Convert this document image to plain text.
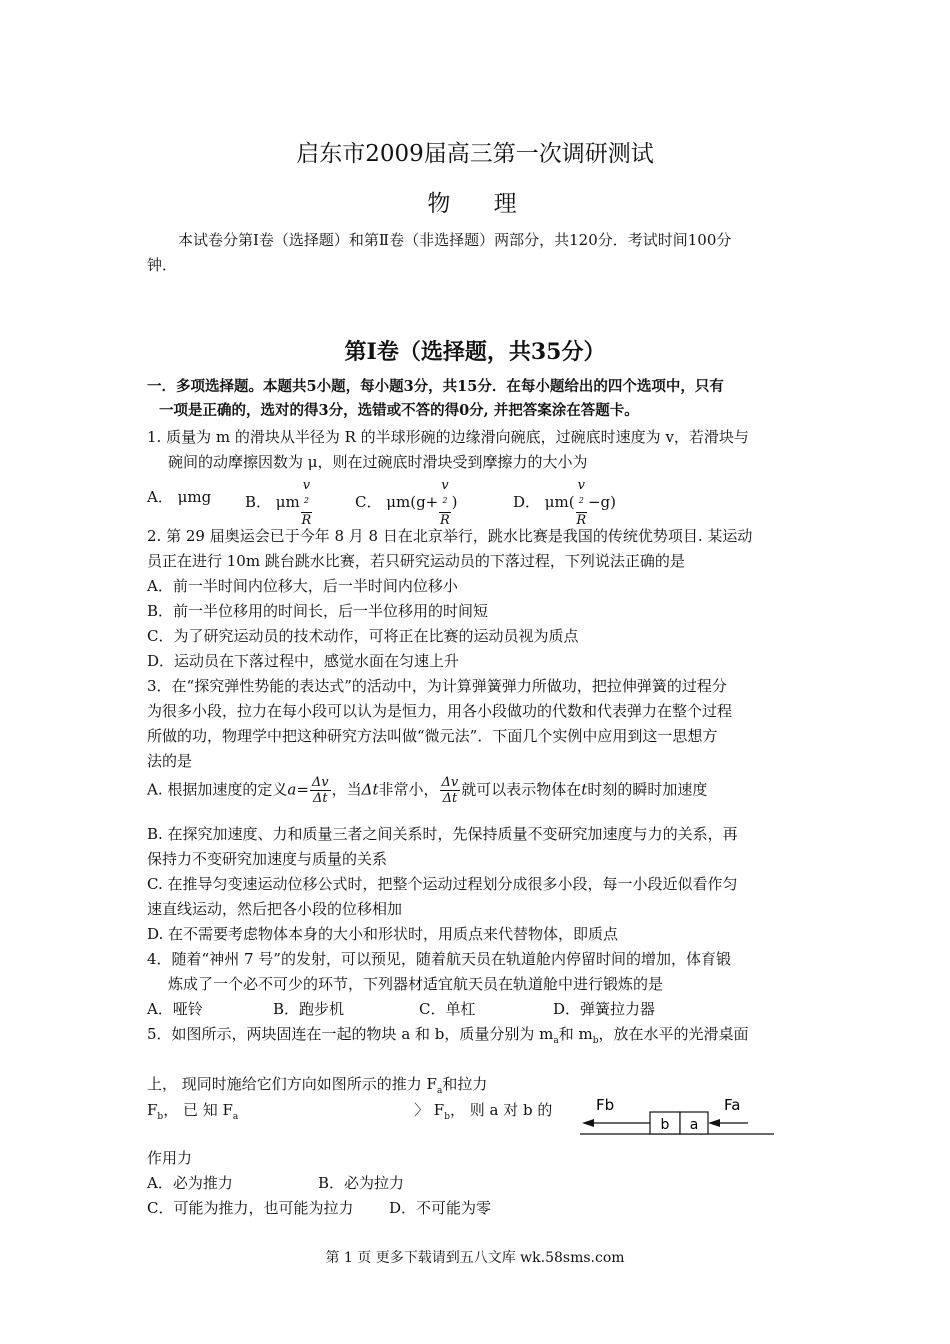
启东市2009届高三第一次调研测试
物 理
本试卷分第Ⅰ卷（选择题）和第Ⅱ卷（非选择题）两部分，共120分．考试时间100分
钟．
第Ⅰ卷（选择题，共35分）
一．多项选择题。本题共5小题，每小题3分，共15分．在每小题给出的四个选项中，只有
一项是正确的，选对的得3分，选错或不答的得0分, 并把答案涂在答题卡。
1. 质量为 m 的滑块从半径为 R 的半球形碗的边缘滑向碗底，过碗底时速度为 v，若滑块与
碗间的动摩擦因数为 μ，则在过碗底时滑块受到摩擦力的大小为
A． μmg B． μm v
$^2$
R	C． μm(g+ v
$^2$
R )	D． μm( v
$^2$
R −g)
2. 第 29 届奥运会已于今年 8 月 8 日在北京举行，跳水比赛是我国的传统优势项目. 某运动
员正在进行 10m 跳台跳水比赛，若只研究运动员的下落过程，下列说法正确的是
A．前一半时间内位移大，后一半时间内位移小
B．前一半位移用的时间长，后一半位移用的时间短
C．为了研究运动员的技术动作，可将正在比赛的运动员视为质点
D．运动员在下落过程中，感觉水面在匀速上升
3．在“探究弹性势能的表达式”的活动中，为计算弹簧弹力所做功，把拉伸弹簧的过程分
为很多小段，拉力在每小段可以认为是恒力，用各小段做功的代数和代表弹力在整个过程
所做的功，物理学中把这种研究方法叫做“微元法”．下面几个实例中应用到这一思想方
法的是
A. 根据加速度的定义$a= \frac{\Delta v}{\Delta t}$ ，当Δt非常小， $\frac{\Delta v}{\Delta t}$ 就可以表示物体在t时刻的瞬时加速度
B. 在探究加速度、力和质量三者之间关系时，先保持质量不变研究加速度与力的关系，再
保持力不变研究加速度与质量的关系
C. 在推导匀变速运动位移公式时，把整个运动过程划分成很多小段，每一小段近似看作匀
速直线运动，然后把各小段的位移相加
D. 在不需要考虑物体本身的大小和形状时，用质点来代替物体，即质点
4．随着“神州 7 号”的发射，可以预见，随着航天员在轨道舱内停留时间的增加，体育锻
炼成了一个必不可少的环节，下列器材适宜航天员在轨道舱中进行锻炼的是
A．哑铃	B．跑步机	C．单杠	D．弹簧拉力器
5．如图所示，两块固连在一起的物块 a 和 b，质量分别为 $m_a$和 $m_b$，放在水平的光滑桌面
上， 现同时施给它们方向如图所示的推力 $F_a$和拉力
$F_b$， 已 知 $F_a$	〉 $F_b$， 则 a 对 b 的
作用力
A．必为推力	B．必为拉力
C．可能为推力，也可能为拉力 D．不可能为零
b a
Fb	Fa
第 1 页 更多下载请到五八文库 wk.58sms.com
